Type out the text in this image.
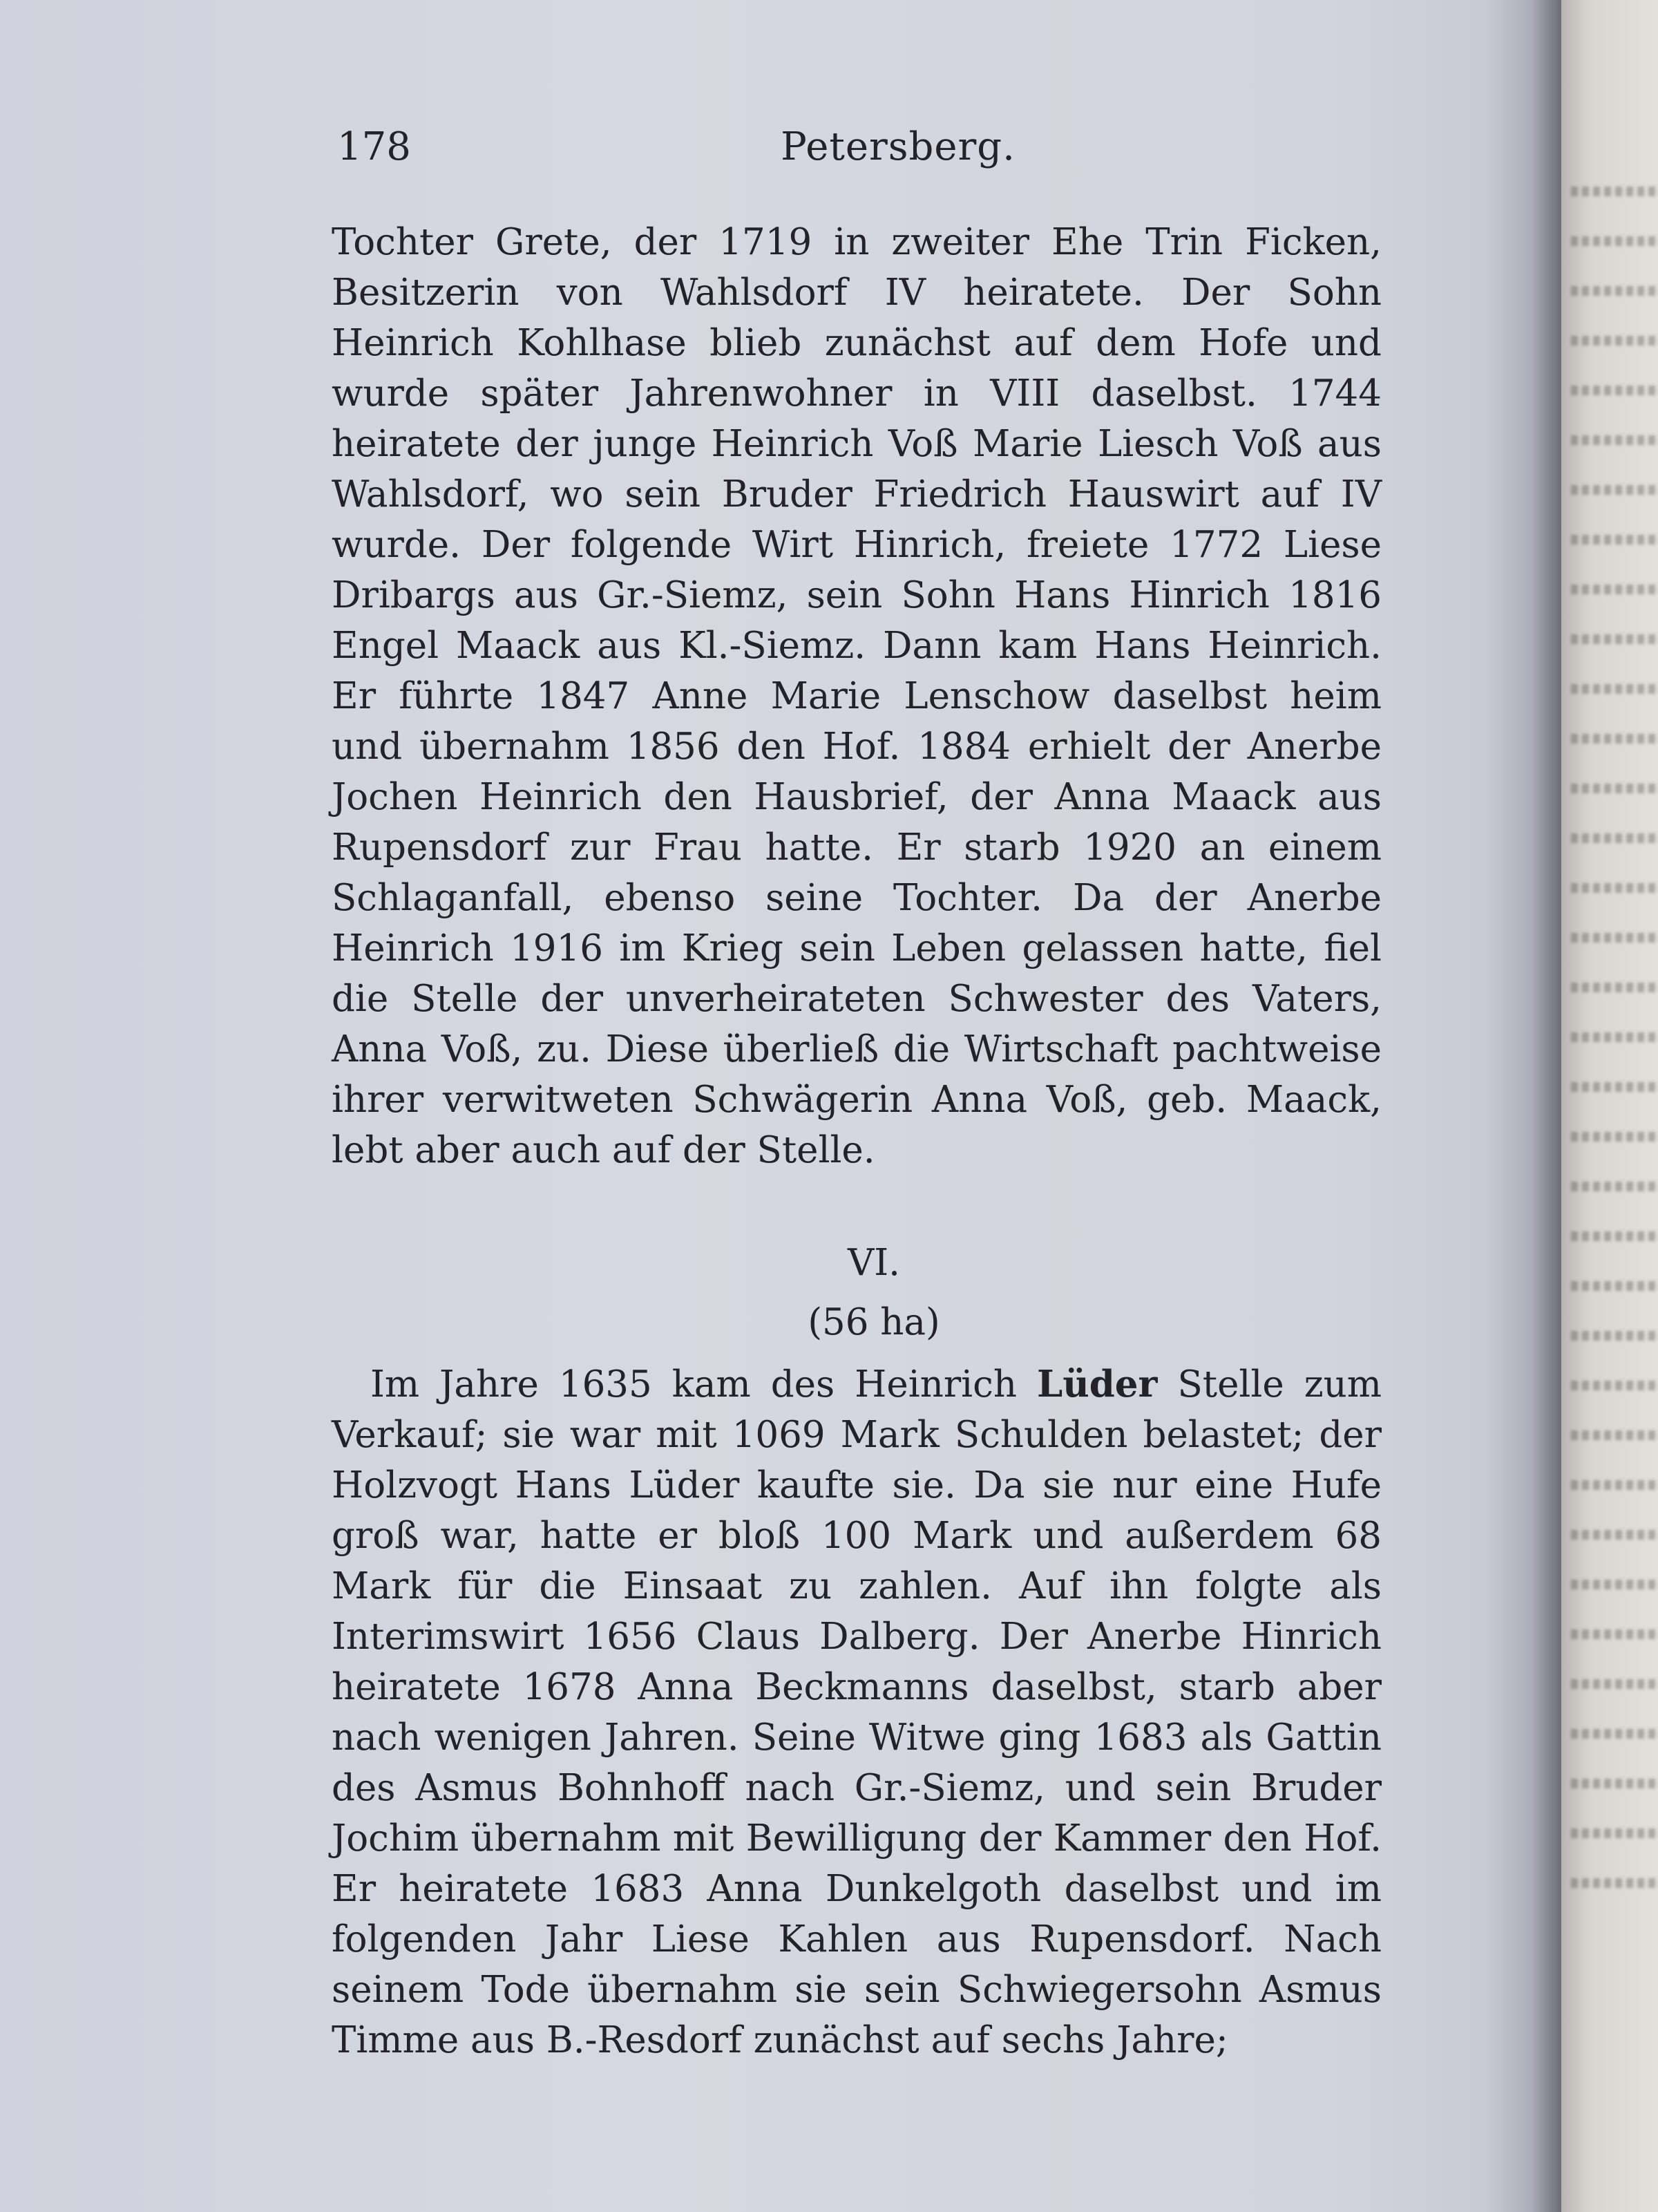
178	Petersberg.

Tochter Grete, der 1719 in zweiter Ehe Trin Ficken, Besitzerin von Wahlsdorf IV heiratete. Der Sohn Heinrich Kohlhase blieb zunächst auf dem Hofe und wurde später Jahrenwohner in VIII daselbst. 1744 heiratete der junge Heinrich Voß Marie Liesch Voß aus Wahlsdorf, wo sein Bruder Friedrich Hauswirt auf IV wurde. Der folgende Wirt Hinrich, freiete 1772 Liese Dribargs aus Gr.-Siemz, sein Sohn Hans Hinrich 1816 Engel Maack aus Kl.-Siemz. Dann kam Hans Heinrich. Er führte 1847 Anne Marie Lenschow daselbst heim und übernahm 1856 den Hof. 1884 erhielt der Anerbe Jochen Heinrich den Hausbrief, der Anna Maack aus Rupensdorf zur Frau hatte. Er starb 1920 an einem Schlaganfall, ebenso seine Tochter. Da der Anerbe Heinrich 1916 im Krieg sein Leben gelassen hatte, fiel die Stelle der unverheirateten Schwester des Vaters, Anna Voß, zu. Diese überließ die Wirtschaft pachtweise ihrer verwitweten Schwägerin Anna Voß, geb. Maack, lebt aber auch auf der Stelle.

VI.
(56 ha)

Im Jahre 1635 kam des Heinrich Lüder Stelle zum Verkauf; sie war mit 1069 Mark Schulden belastet; der Holzvogt Hans Lüder kaufte sie. Da sie nur eine Hufe groß war, hatte er bloß 100 Mark und außerdem 68 Mark für die Einsaat zu zahlen. Auf ihn folgte als Interimswirt 1656 Claus Dalberg. Der Anerbe Hinrich heiratete 1678 Anna Beckmanns daselbst, starb aber nach wenigen Jahren. Seine Witwe ging 1683 als Gattin des Asmus Bohnhoff nach Gr.-Siemz, und sein Bruder Jochim übernahm mit Bewilligung der Kammer den Hof. Er heiratete 1683 Anna Dunkelgoth daselbst und im folgenden Jahr Liese Kahlen aus Rupensdorf. Nach seinem Tode übernahm sie sein Schwiegersohn Asmus Timme aus B.-Resdorf zunächst auf sechs Jahre;
